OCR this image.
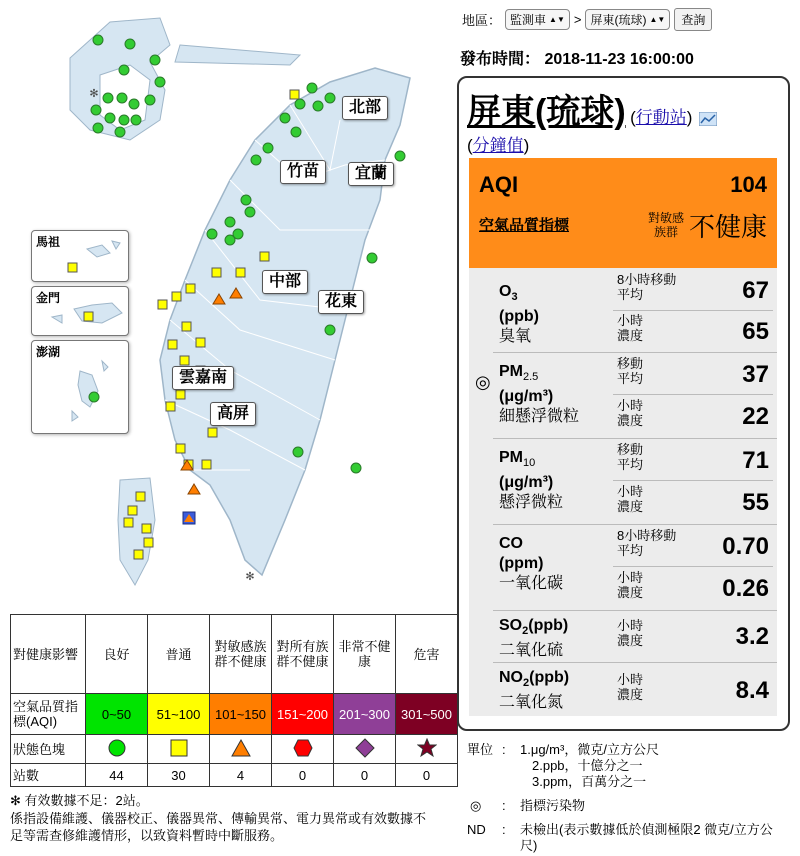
✻
✻
北部
竹苗	宜蘭
中部
花東
雲嘉南
高屏
馬祖
金門
澎湖
對健康影響	良好	普通	對敏感族群不健康	對所有族群不健康	非常不健康	危害
空氣品質指標(AQI)	0~50	51~100	101~150	151~200	201~300	301~500
狀態色塊						
站數	44	30	4	0	0	0
✻ 有效數據不足：2站。
係指設備維護、儀器校正、儀器異常、傳輸異常、電力異常或有效數據不足等需查修維護情形，以致資料暫時中斷服務。
地區： 監測車 ▲▼ > 屏東(琉球) ▲▼	查詢
發布時間： 2018-11-23 16:00:00
屏東(琉球) (行動站)
(分鐘值)
AQI	104
空氣品質指標	對敏感族群 不健康
$O_3$
(ppb)
臭氧
8小時移動平均	67
小時濃度	65
$PM_{2.5}$
(μg/m³)
細懸浮微粒
移動平均	37
小時濃度	22
$PM_{10}$
(μg/m³)
懸浮微粒
移動平均	71
小時濃度	55
CO
(ppm)
一氧化碳
8小時移動平均	0.70
小時濃度	0.26
$SO_2(ppb)$
二氧化硫
小時濃度	3.2
$NO_2(ppb)$
二氧化氮
小時濃度	8.4
◎
單位 : 1.μg/m³，微克/立方公尺
2.ppb，十億分之一
3.ppm，百萬分之一
◎ : 指標污染物
ND : 未檢出(表示數據低於偵測極限2 微克/立方公尺)
